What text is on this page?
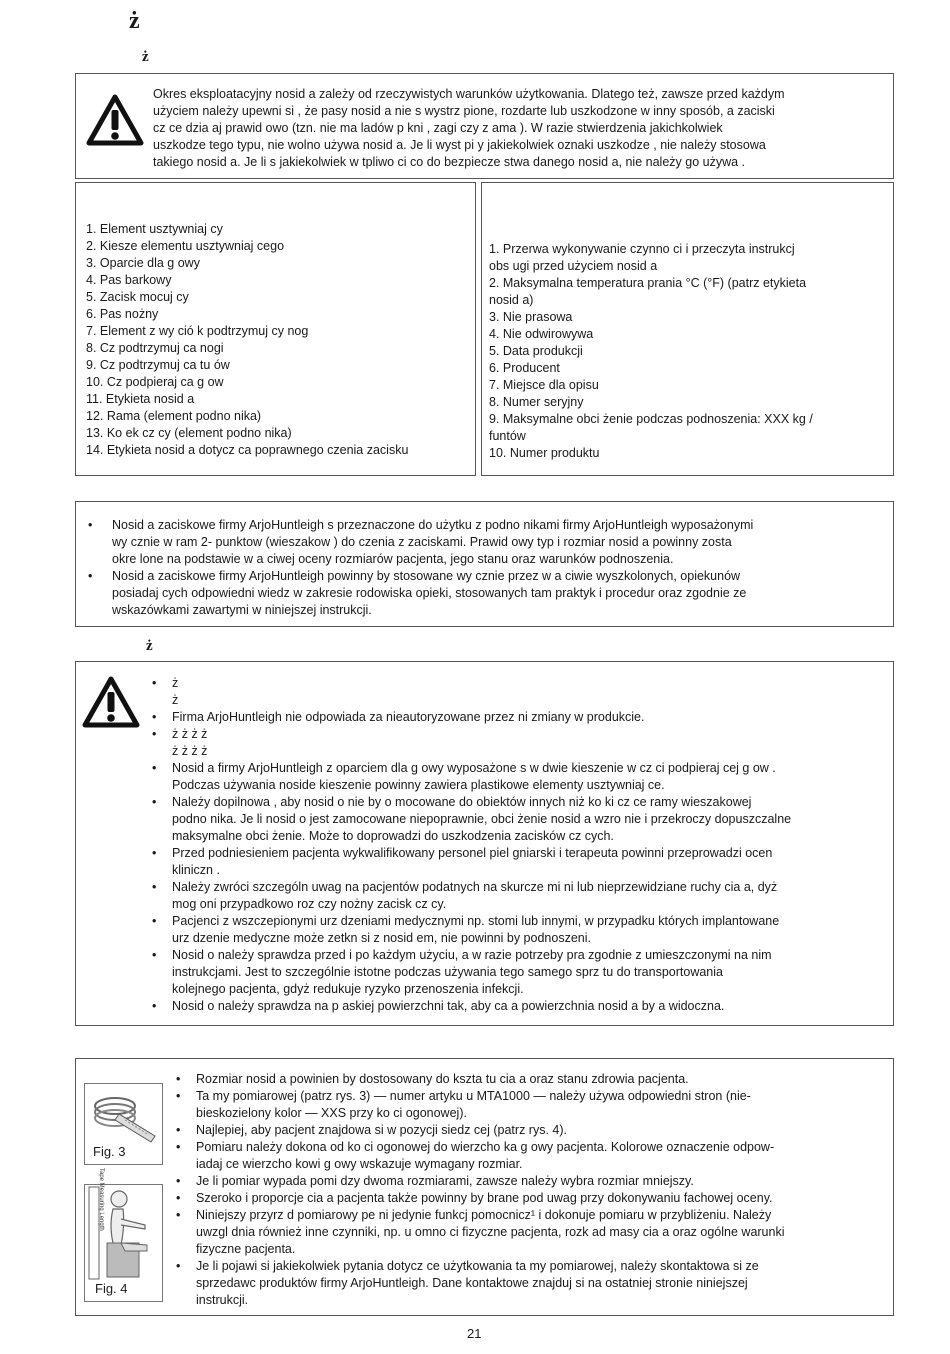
ż
ż
Okres eksploatacyjny nosid a zależy od rzeczywistych warunków użytkowania. Dlatego też, zawsze przed każdym
użyciem należy upewni si , że pasy nosid a nie s wystrz pione, rozdarte lub uszkodzone w inny sposób, a zaciski
cz ce dzia aj prawid owo (tzn. nie ma ladów p kni , zagi czy z ama ). W razie stwierdzenia jakichkolwiek
uszkodze tego typu, nie wolno używa nosid a. Je li wyst pi y jakiekolwiek oznaki uszkodze , nie należy stosowa
takiego nosid a. Je li s jakiekolwiek w tpliwo ci co do bezpiecze stwa danego nosid a, nie należy go używa .
1. Element usztywniaj cy
2. Kiesze elementu usztywniaj cego
3. Oparcie dla g owy
4. Pas barkowy
5. Zacisk mocuj cy
6. Pas nożny
7. Element z wy ció k podtrzymuj cy nog
8. Cz podtrzymuj ca nogi
9. Cz podtrzymuj ca tu ów
10. Cz podpieraj ca g ow
11. Etykieta nosid a
12. Rama (element podno nika)
13. Ko ek cz cy (element podno nika)
14. Etykieta nosid a dotycz ca poprawnego czenia zacisku
1. Przerwa wykonywanie czynno ci i przeczyta instrukcj
obs ugi przed użyciem nosid a
2. Maksymalna temperatura prania °C (°F) (patrz etykieta
nosid a)
3. Nie prasowa
4. Nie odwirowywa
5. Data produkcji
6. Producent
7. Miejsce dla opisu
8. Numer seryjny
9. Maksymalne obci żenie podczas podnoszenia: XXX kg /
funtów
10. Numer produktu
•	Nosid a zaciskowe firmy ArjoHuntleigh s przeznaczone do użytku z podno nikami firmy ArjoHuntleigh wyposażonymi
wy cznie w ram 2- punktow (wieszakow ) do czenia z zaciskami. Prawid owy typ i rozmiar nosid a powinny zosta
okre lone na podstawie w a ciwej oceny rozmiarów pacjenta, jego stanu oraz warunków podnoszenia.
•	Nosid a zaciskowe firmy ArjoHuntleigh powinny by stosowane wy cznie przez w a ciwie wyszkolonych, opiekunów
posiadaj cych odpowiedni wiedz w zakresie rodowiska opieki, stosowanych tam praktyk i procedur oraz zgodnie ze
wskazówkami zawartymi w niniejszej instrukcji.
ż
• ż
ż
• Firma ArjoHuntleigh nie odpowiada za nieautoryzowane przez ni zmiany w produkcie.
• ż ż ż ż
ż ż ż ż
• Nosid a firmy ArjoHuntleigh z oparciem dla g owy wyposażone s w dwie kieszenie w cz ci podpieraj cej g ow .
Podczas używania noside kieszenie powinny zawiera plastikowe elementy usztywniaj ce.
• Należy dopilnowa , aby nosid o nie by o mocowane do obiektów innych niż ko ki cz ce ramy wieszakowej
podno nika. Je li nosid o jest zamocowane niepoprawnie, obci żenie nosid a wzro nie i przekroczy dopuszczalne
maksymalne obci żenie. Może to doprowadzi do uszkodzenia zacisków cz cych.
• Przed podniesieniem pacjenta wykwalifikowany personel piel gniarski i terapeuta powinni przeprowadzi ocen
kliniczn .
• Należy zwróci szczególn uwag na pacjentów podatnych na skurcze mi ni lub nieprzewidziane ruchy cia a, dyż
mog oni przypadkowo roz czy nożny zacisk cz cy.
• Pacjenci z wszczepionymi urz dzeniami medycznymi np. stomi lub innymi, w przypadku których implantowane
urz dzenie medyczne może zetkn si z nosid em, nie powinni by podnoszeni.
• Nosid o należy sprawdza przed i po każdym użyciu, a w razie potrzeby pra zgodnie z umieszczonymi na nim
instrukcjami. Jest to szczególnie istotne podczas używania tego samego sprz tu do transportowania
kolejnego pacjenta, gdyż redukuje ryzyko przenoszenia infekcji.
• Nosid o należy sprawdza na p askiej powierzchni tak, aby ca a powierzchnia nosid a by a widoczna.
Fig. 3
Tape Measuring Length
Fig. 4
• Rozmiar nosid a powinien by dostosowany do kszta tu cia a oraz stanu zdrowia pacjenta.
• Ta my pomiarowej (patrz rys. 3) — numer artyku u MTA1000 — należy używa odpowiedni stron (nie-
bieskozielony kolor — XXS przy ko ci ogonowej).
• Najlepiej, aby pacjent znajdowa si w pozycji siedz cej (patrz rys. 4).
• Pomiaru należy dokona od ko ci ogonowej do wierzcho ka g owy pacjenta. Kolorowe oznaczenie odpow-
iadaj ce wierzcho kowi g owy wskazuje wymagany rozmiar.
• Je li pomiar wypada pomi dzy dwoma rozmiarami, zawsze należy wybra rozmiar mniejszy.
• Szeroko i proporcje cia a pacjenta także powinny by brane pod uwag przy dokonywaniu fachowej oceny.
• Niniejszy przyrz d pomiarowy pe ni jedynie funkcj pomocnicz¹ i dokonuje pomiaru w przybliżeniu. Należy
uwzgl dnia również inne czynniki, np. u omno ci fizyczne pacjenta, rozk ad masy cia a oraz ogólne warunki
fizyczne pacjenta.
• Je li pojawi si jakiekolwiek pytania dotycz ce użytkowania ta my pomiarowej, należy skontaktowa si ze
sprzedawc produktów firmy ArjoHuntleigh. Dane kontaktowe znajduj si na ostatniej stronie niniejszej
instrukcji.
21
